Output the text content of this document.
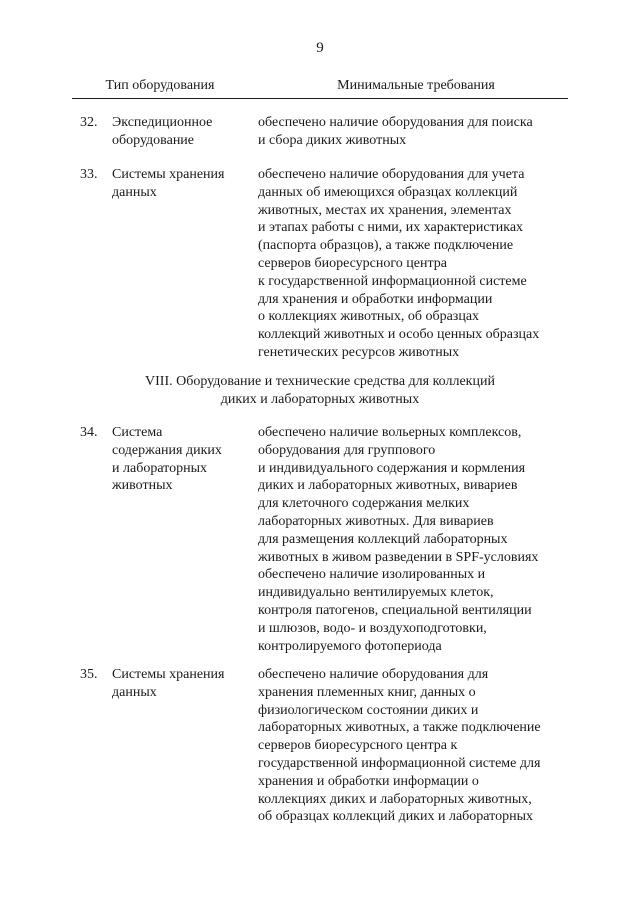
9
Тип оборудования	Минимальные требования
32. Экспедиционное
оборудование
обеспечено наличие оборудования для поиска
и сбора диких животных
33. Системы хранения
данных
обеспечено наличие оборудования для учета
данных об имеющихся образцах коллекций
животных, местах их хранения, элементах
и этапах работы с ними, их характеристиках
(паспорта образцов), а также подключение
серверов биоресурсного центра
к государственной информационной системе
для хранения и обработки информации
о коллекциях животных, об образцах
коллекций животных и особо ценных образцах
генетических ресурсов животных
VIII. Оборудование и технические средства для коллекций
диких и лабораторных животных
34. Система
содержания диких
и лабораторных
животных
обеспечено наличие вольерных комплексов,
оборудования для группового
и индивидуального содержания и кормления
диких и лабораторных животных, вивариев
для клеточного содержания мелких
лабораторных животных. Для вивариев
для размещения коллекций лабораторных
животных в живом разведении в SPF-условиях
обеспечено наличие изолированных и
индивидуально вентилируемых клеток,
контроля патогенов, специальной вентиляции
и шлюзов, водо- и воздухоподготовки,
контролируемого фотопериода
35. Системы хранения
данных
обеспечено наличие оборудования для
хранения племенных книг, данных о
физиологическом состоянии диких и
лабораторных животных, а также подключение
серверов биоресурсного центра к
государственной информационной системе для
хранения и обработки информации о
коллекциях диких и лабораторных животных,
об образцах коллекций диких и лабораторных
